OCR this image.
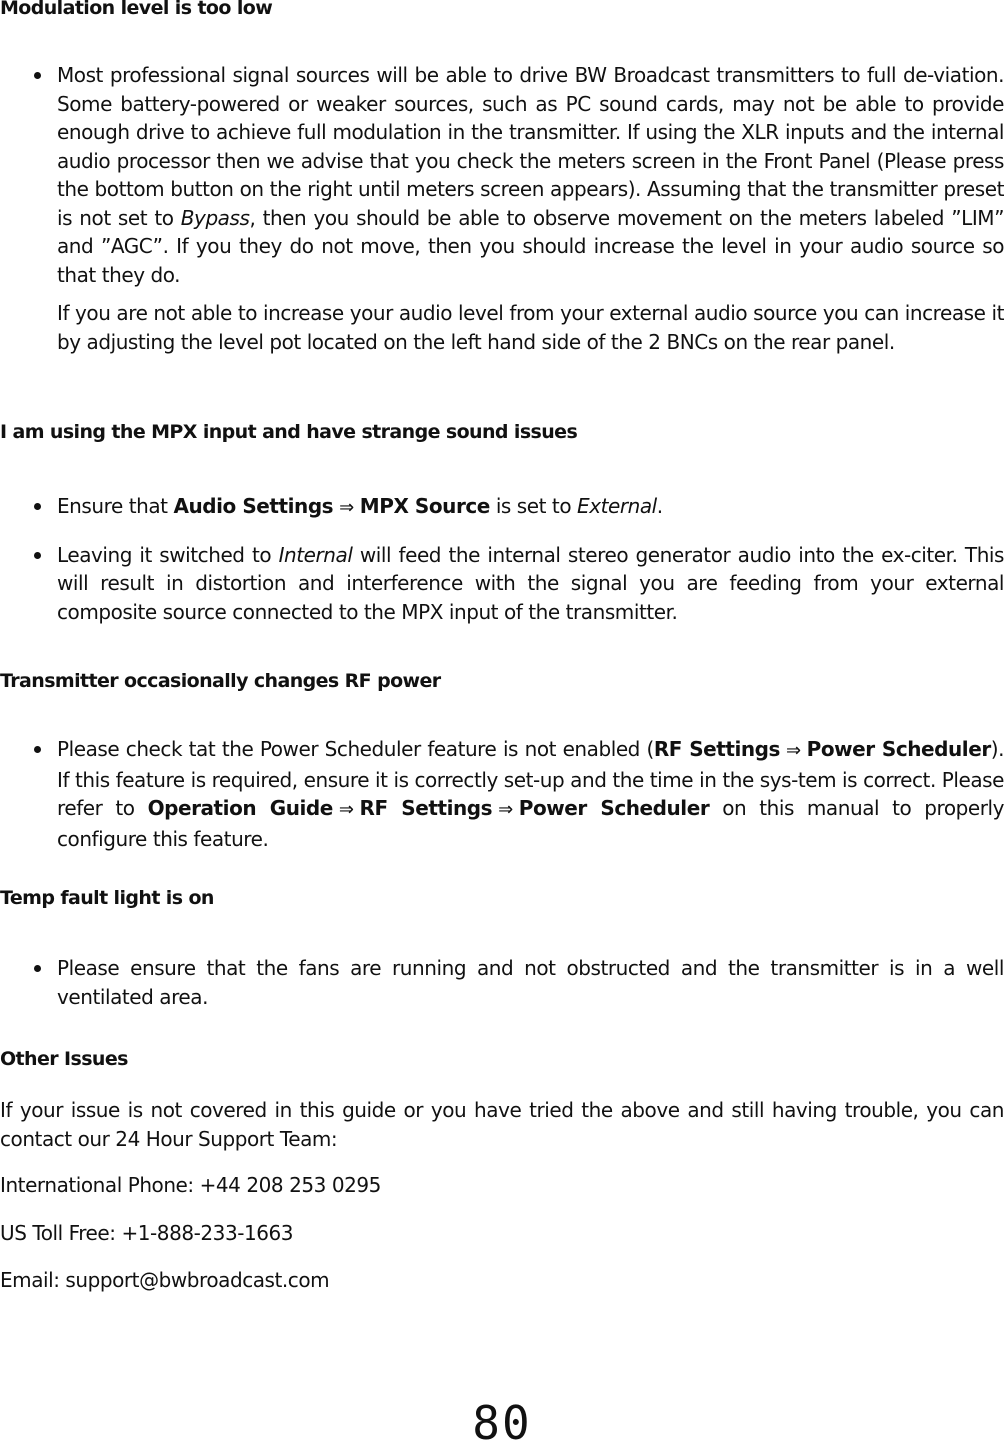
Modulation level is too low

Most professional signal sources will be able to drive BW Broadcast transmitters to full de-viation. Some battery-powered or weaker sources, such as PC sound cards, may not be able to provide enough drive to achieve full modulation in the transmitter. If using the XLR inputs and the internal audio processor then we advise that you check the meters screen in the Front Panel (Please press the bottom button on the right until meters screen appears). Assuming that the transmitter preset is not set to Bypass, then you should be able to observe movement on the meters labeled ”LIM” and ”AGC”. If you they do not move, then you should increase the level in your audio source so that they do.

If you are not able to increase your audio level from your external audio source you can increase it by adjusting the level pot located on the left hand side of the 2 BNCs on the rear panel.

I am using the MPX input and have strange sound issues

Ensure that Audio Settings ⇒ MPX Source is set to External.

Leaving it switched to Internal will feed the internal stereo generator audio into the ex-citer. This will result in distortion and interference with the signal you are feeding from your external composite source connected to the MPX input of the transmitter.

Transmitter occasionally changes RF power

Please check tat the Power Scheduler feature is not enabled (RF Settings ⇒ Power Scheduler). If this feature is required, ensure it is correctly set-up and the time in the sys-tem is correct. Please refer to Operation Guide ⇒ RF Settings ⇒ Power Scheduler on this manual to properly configure this feature.

Temp fault light is on

Please ensure that the fans are running and not obstructed and the transmitter is in a well ventilated area.

Other Issues

If your issue is not covered in this guide or you have tried the above and still having trouble, you can contact our 24 Hour Support Team:

International Phone: +44 208 253 0295

US Toll Free: +1-888-233-1663

Email: support@bwbroadcast.com

80
